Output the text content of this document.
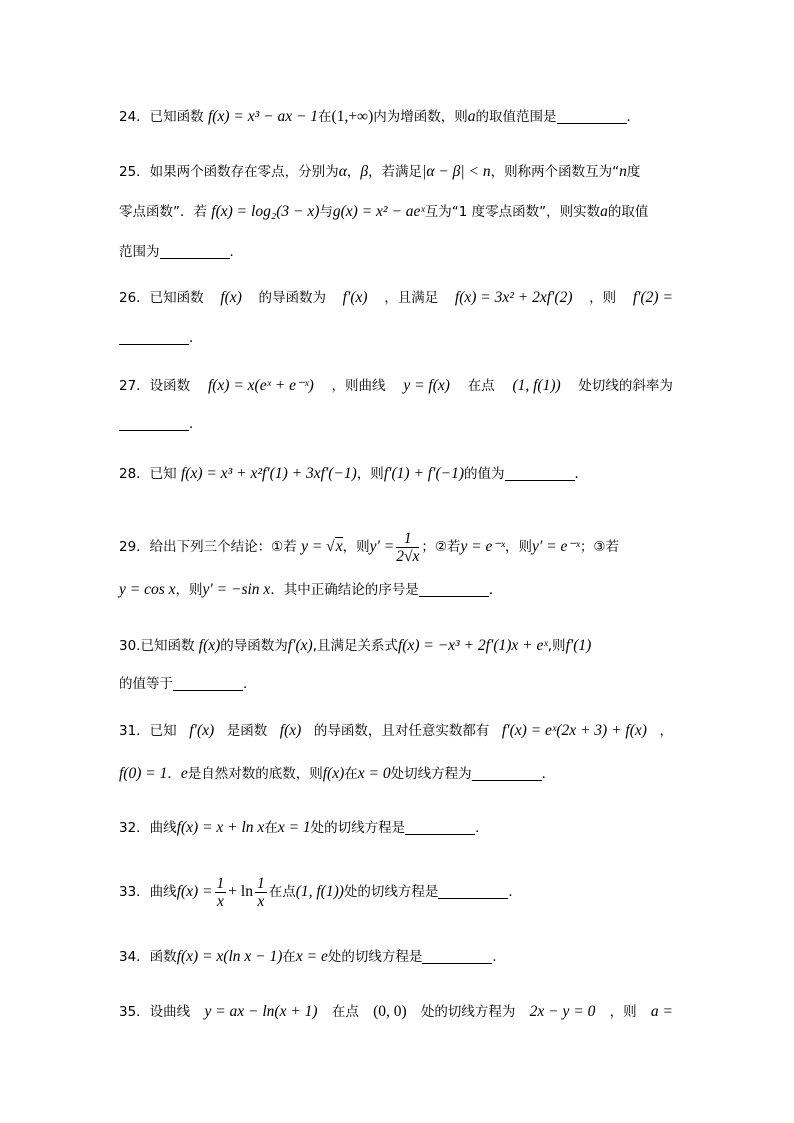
24．已知函数 f(x) = x³ − ax − 1在(1,+∞)内为增函数，则a的取值范围是	．
25．如果两个函数存在零点，分别为α，β，若满足|α − β| < n，则称两个函数互为“n度
零点函数”．若 f(x) = log₂(3 − x)与g(x) = x² − aeˣ互为“1 度零点函数”，则实数a的取值
范围为	．
26．已知函数 f(x) 的导函数为 f′(x) ，且满足 f(x) = 3x² + 2xf′(2) ，则 f′(2) =
．
27．设函数 f(x) = x(eˣ + e⁻ˣ) ，则曲线 y = f(x) 在点 (1, f(1)) 处切线的斜率为
．
28．已知 f(x) = x³ + x²f′(1) + 3xf′(−1)，则f′(1) + f′(−1)的值为	．
29．给出下列三个结论：①若 y = √x，则$y' = \frac{1}{2√x}$ ；②若y = e⁻ˣ，则y′ = e⁻ˣ；③若
y = cos x，则y′ = −sin x．其中正确结论的序号是	．
30.已知函数 f(x)的导函数为f′(x),且满足关系式f(x) = −x³ + 2f′(1)x + eˣ,则f′(1)
的值等于	．
31．已知 f′(x) 是函数 f(x) 的导函数，且对任意实数都有 f′(x) = eˣ(2x + 3) + f(x) ，
f(0) = 1．e是自然对数的底数，则f(x)在x = 0处切线方程为	．
32．曲线f(x) = x + ln x在x = 1处的切线方程是	．
33．曲线$f(x) = \frac{1}{x} + \ln \frac{1}{x}$ 在点(1, f(1))处的切线方程是	．
34．函数f(x) = x(ln x − 1)在x = e处的切线方程是	．
35．设曲线 y = ax − ln(x + 1) 在点 (0, 0) 处的切线方程为 2x − y = 0 ，则 a =
